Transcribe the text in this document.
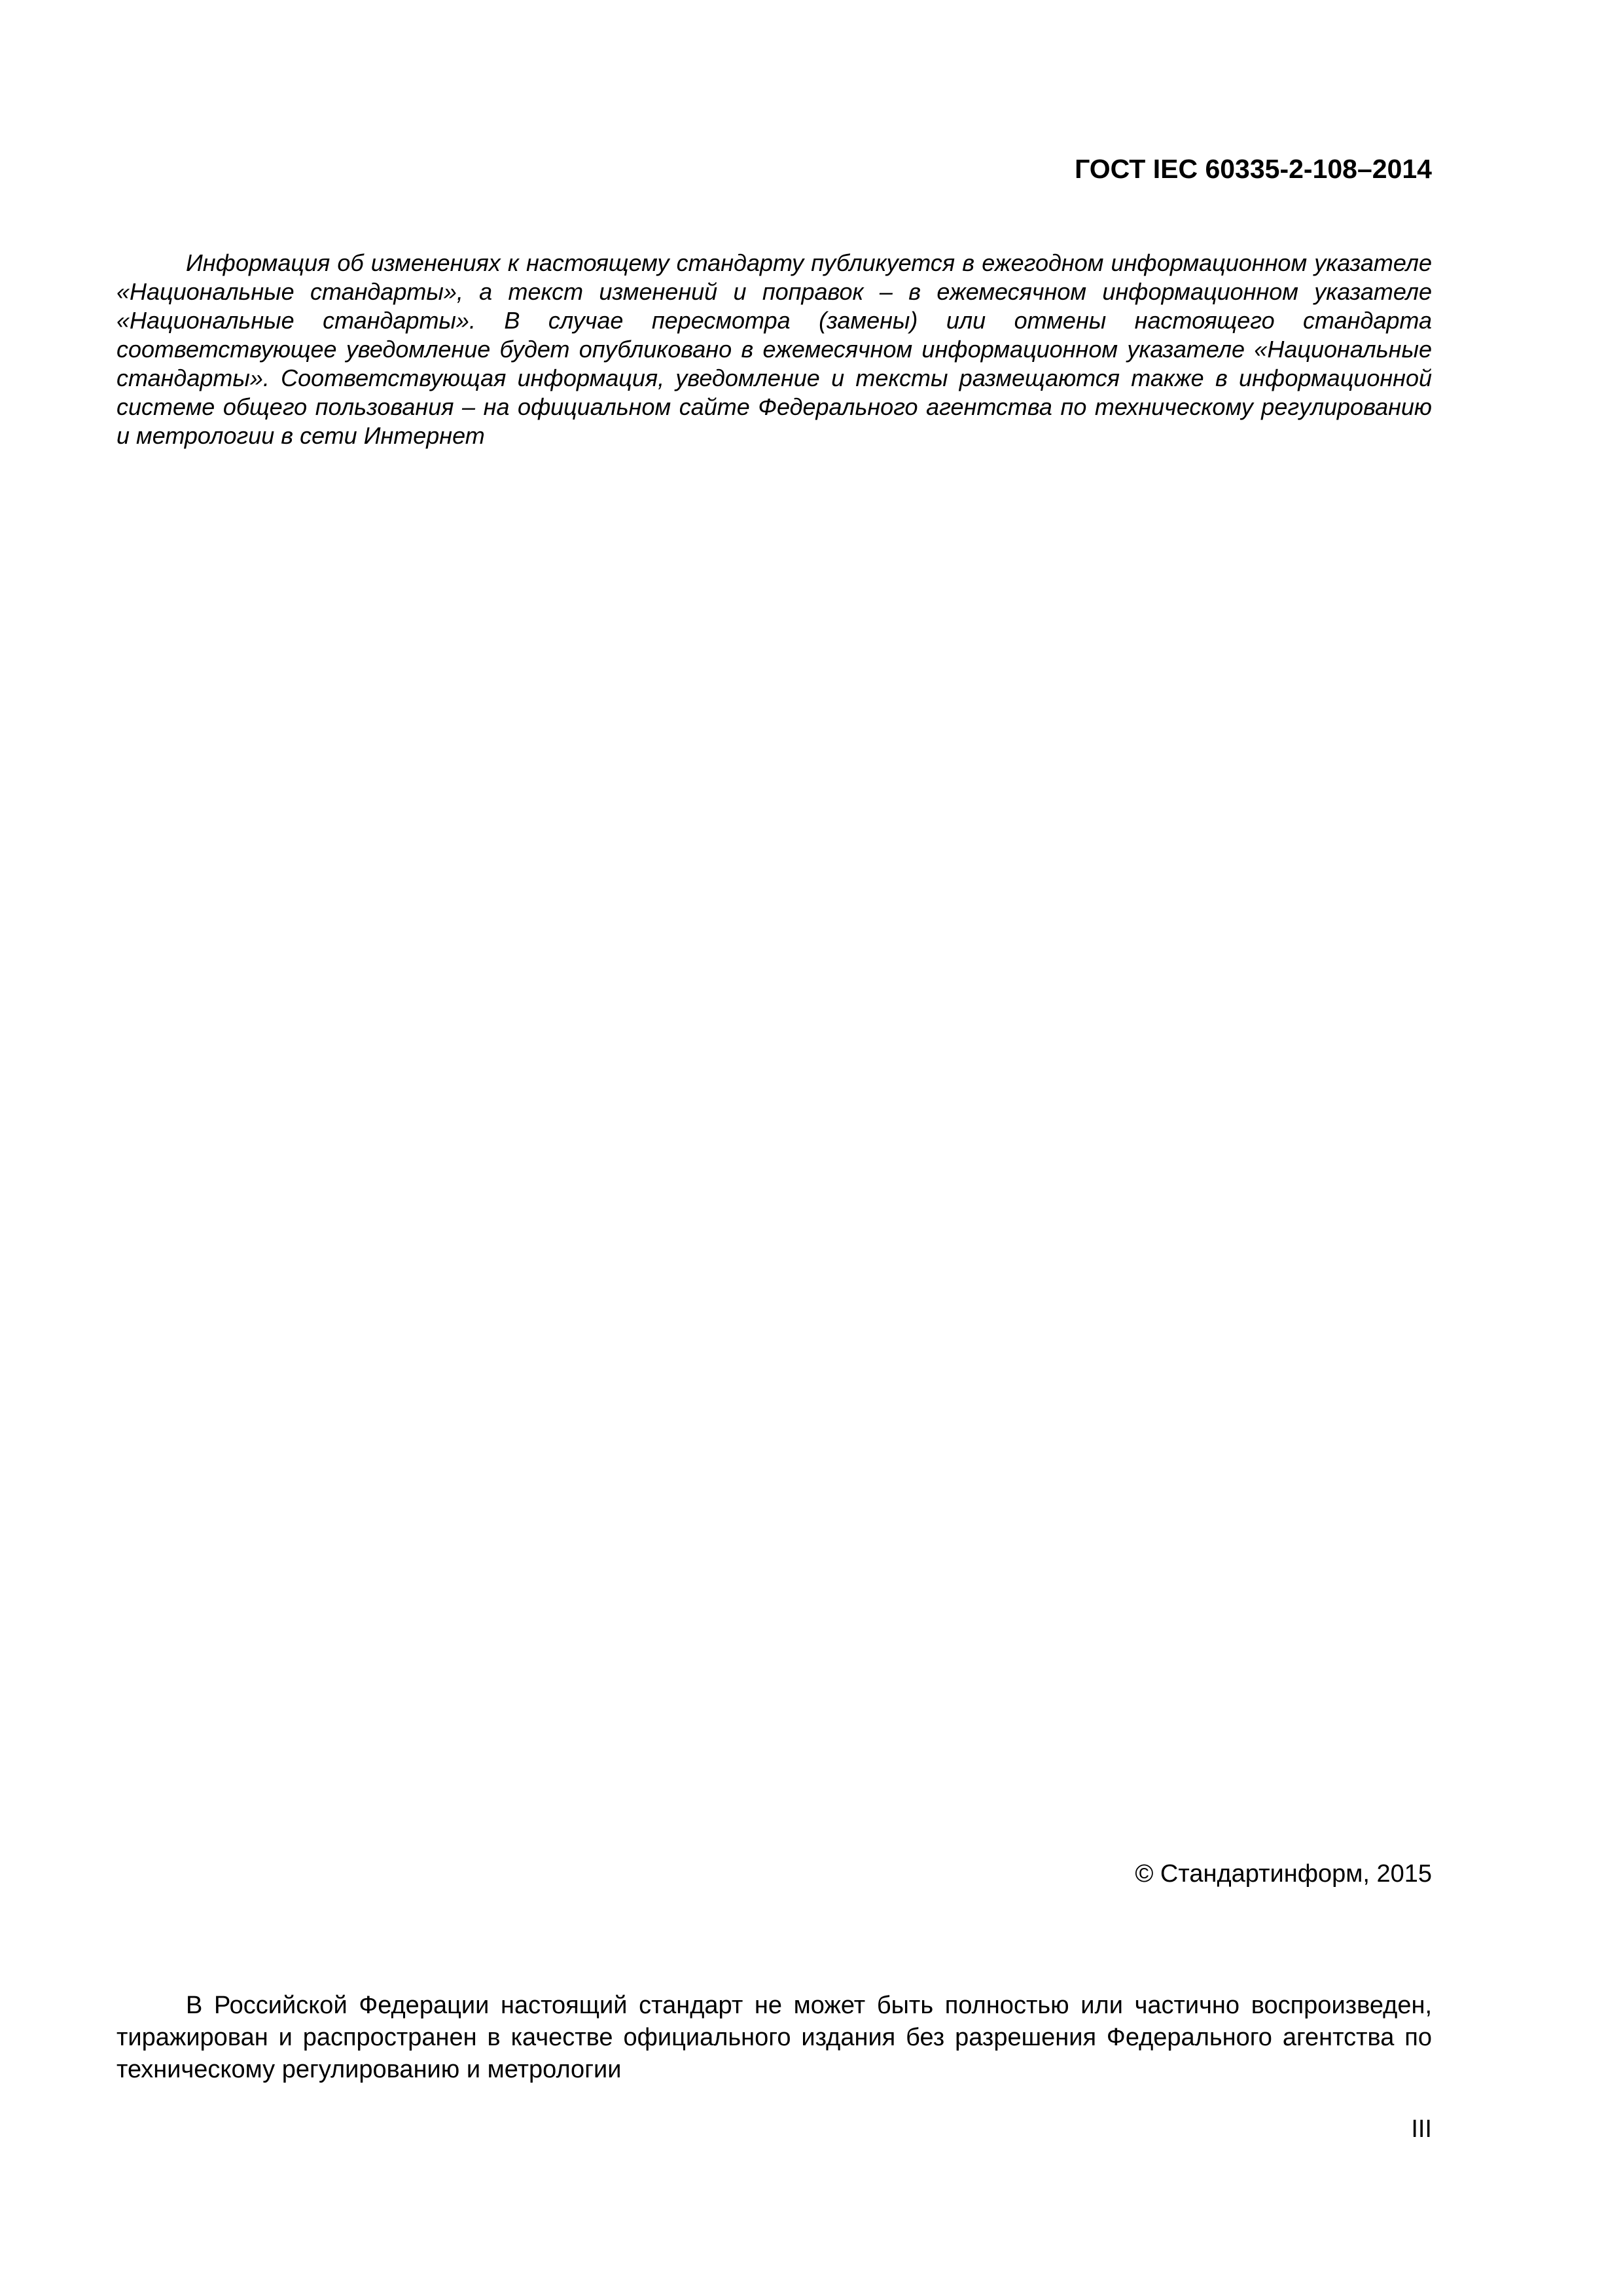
ГОСТ IEC 60335-2-108–2014

Информация об изменениях к настоящему стандарту публикуется в ежегодном информационном указателе «Национальные стандарты», а текст изменений и поправок – в ежемесячном информационном указателе «Национальные стандарты». В случае пересмотра (замены) или отмены настоящего стандарта соответствующее уведомление будет опубликовано в ежемесячном информационном указателе «Национальные стандарты». Соответствующая информация, уведомление и тексты размещаются также в информационной системе общего пользования – на официальном сайте Федерального агентства по техническому регулированию и метрологии в сети Интернет

© Стандартинформ, 2015

В Российской Федерации настоящий стандарт не может быть полностью или частично воспроизведен, тиражирован и распространен в качестве официального издания без разрешения Федерального агентства по техническому регулированию и метрологии

III
